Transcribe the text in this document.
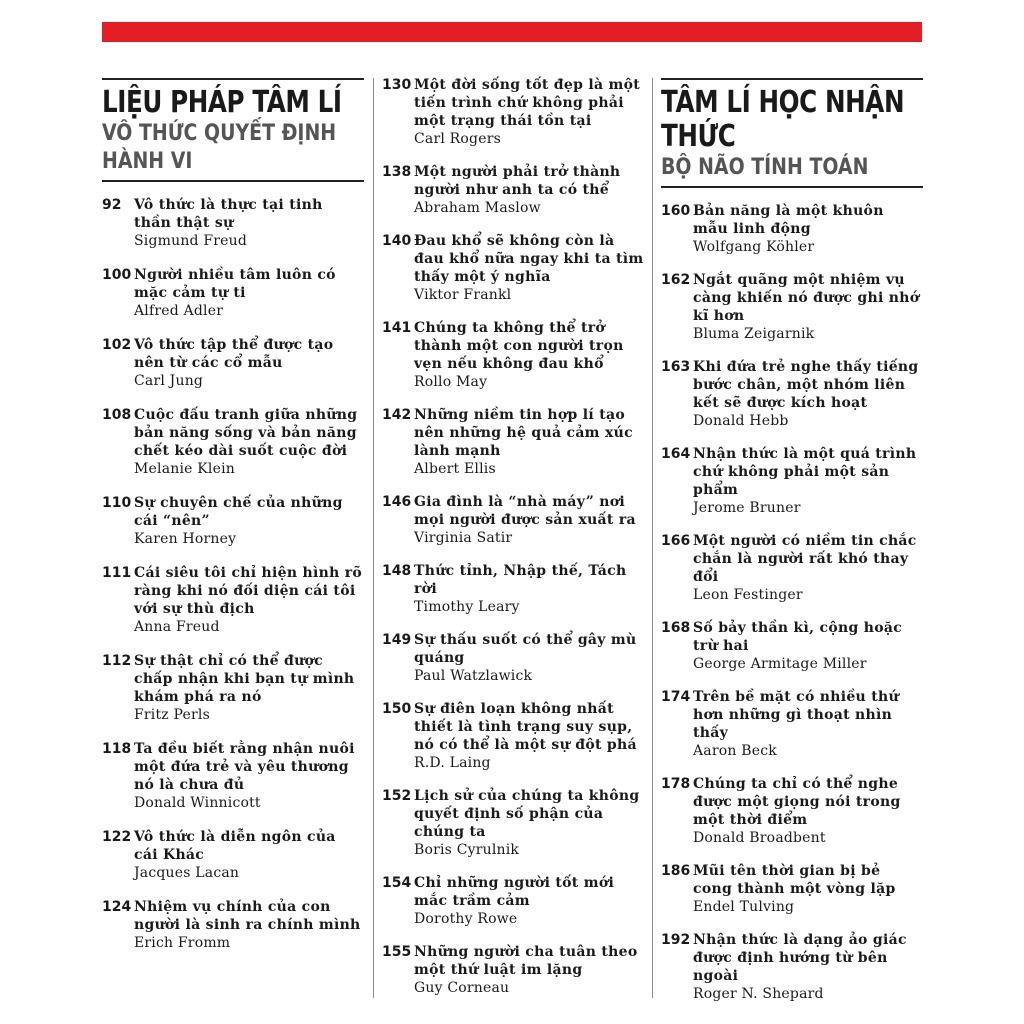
LIỆU PHÁP TÂM LÍ
VÔ THỨC QUYẾT ĐỊNH HÀNH VI
92 Vô thức là thực tại tinh thần thật sự
Sigmund Freud
100 Người nhiều tâm luôn có mặc cảm tự ti
Alfred Adler
102 Vô thức tập thể được tạo nên từ các cổ mẫu
Carl Jung
108 Cuộc đấu tranh giữa những bản năng sống và bản năng chết kéo dài suốt cuộc đời
Melanie Klein
110 Sự chuyên chế của những cái “nên”
Karen Horney
111 Cái siêu tôi chỉ hiện hình rõ ràng khi nó đối diện cái tôi với sự thù địch
Anna Freud
112 Sự thật chỉ có thể được chấp nhận khi bạn tự mình khám phá ra nó
Fritz Perls
118 Ta đều biết rằng nhận nuôi một đứa trẻ và yêu thương nó là chưa đủ
Donald Winnicott
122 Vô thức là diễn ngôn của cái Khác
Jacques Lacan
124 Nhiệm vụ chính của con người là sinh ra chính mình
Erich Fromm
130 Một đời sống tốt đẹp là một tiến trình chứ không phải một trạng thái tồn tại
Carl Rogers
138 Một người phải trở thành người như anh ta có thể
Abraham Maslow
140 Đau khổ sẽ không còn là đau khổ nữa ngay khi ta tìm thấy một ý nghĩa
Viktor Frankl
141 Chúng ta không thể trở thành một con người trọn vẹn nếu không đau khổ
Rollo May
142 Những niềm tin hợp lí tạo nên những hệ quả cảm xúc lành mạnh
Albert Ellis
146 Gia đình là “nhà máy” nơi mọi người được sản xuất ra
Virginia Satir
148 Thức tỉnh, Nhập thế, Tách rời
Timothy Leary
149 Sự thấu suốt có thể gây mù quáng
Paul Watzlawick
150 Sự điên loạn không nhất thiết là tình trạng suy sụp, nó có thể là một sự đột phá
R.D. Laing
152 Lịch sử của chúng ta không quyết định số phận của chúng ta
Boris Cyrulnik
154 Chỉ những người tốt mới mắc trầm cảm
Dorothy Rowe
155 Những người cha tuân theo một thứ luật im lặng
Guy Corneau
TÂM LÍ HỌC NHẬN THỨC
BỘ NÃO TÍNH TOÁN
160 Bản năng là một khuôn mẫu linh động
Wolfgang Köhler
162 Ngắt quãng một nhiệm vụ càng khiến nó được ghi nhớ kĩ hơn
Bluma Zeigarnik
163 Khi đứa trẻ nghe thấy tiếng bước chân, một nhóm liên kết sẽ được kích hoạt
Donald Hebb
164 Nhận thức là một quá trình chứ không phải một sản phẩm
Jerome Bruner
166 Một người có niềm tin chắc chắn là người rất khó thay đổi
Leon Festinger
168 Số bảy thần kì, cộng hoặc trừ hai
George Armitage Miller
174 Trên bề mặt có nhiều thứ hơn những gì thoạt nhìn thấy
Aaron Beck
178 Chúng ta chỉ có thể nghe được một giọng nói trong một thời điểm
Donald Broadbent
186 Mũi tên thời gian bị bẻ cong thành một vòng lặp
Endel Tulving
192 Nhận thức là dạng ảo giác được định hướng từ bên ngoài
Roger N. Shepard
